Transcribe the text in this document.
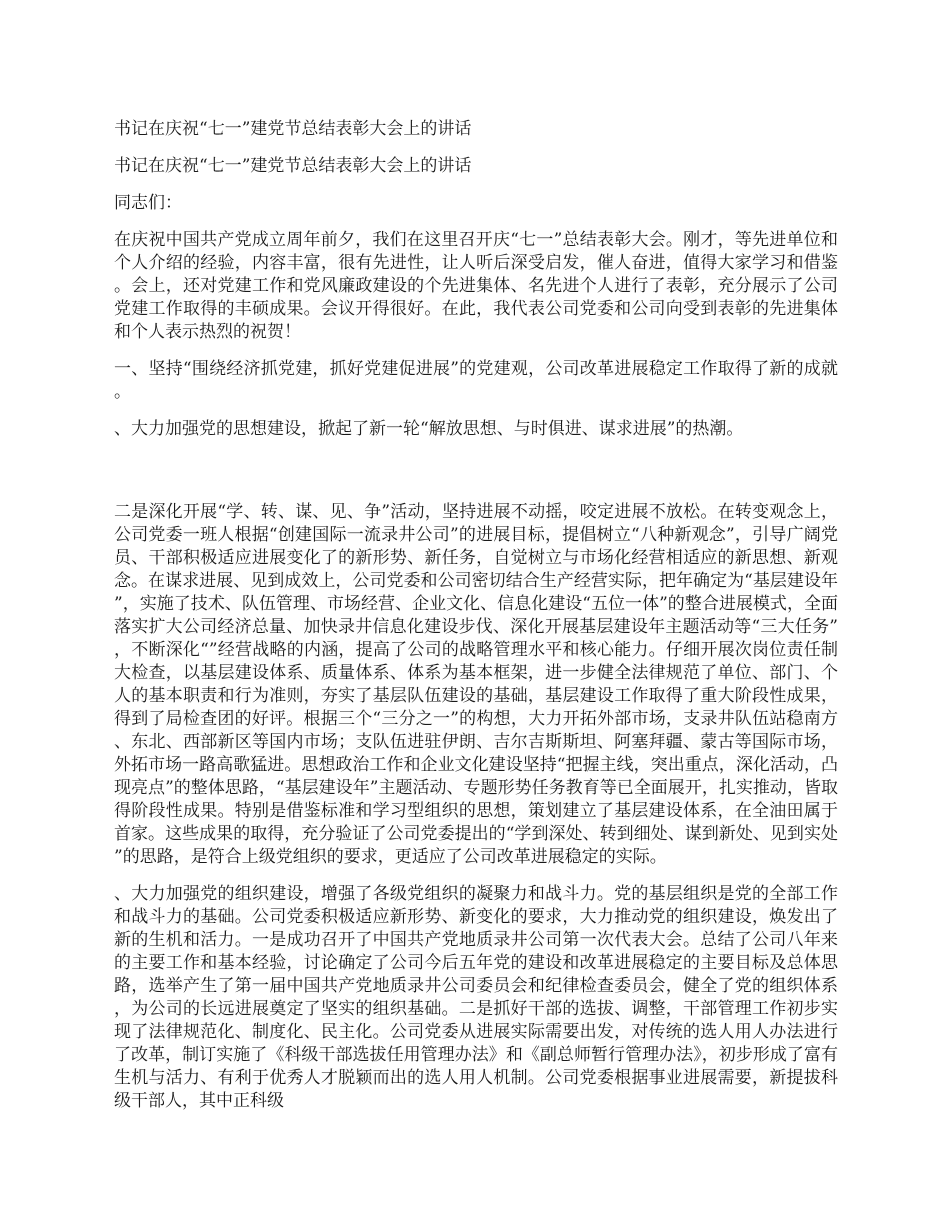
书记在庆祝“七一”建党节总结表彰大会上的讲话

书记在庆祝“七一”建党节总结表彰大会上的讲话

同志们：

在庆祝中国共产党成立周年前夕，我们在这里召开庆“七一”总结表彰大会。刚才，等先进单位和个人介绍的经验，内容丰富，很有先进性，让人听后深受启发，催人奋进，值得大家学习和借鉴。会上，还对党建工作和党风廉政建设的个先进集体、名先进个人进行了表彰，充分展示了公司党建工作取得的丰硕成果。会议开得很好。在此，我代表公司党委和公司向受到表彰的先进集体和个人表示热烈的祝贺！

一、坚持“围绕经济抓党建，抓好党建促进展”的党建观，公司改革进展稳定工作取得了新的成就。

、大力加强党的思想建设，掀起了新一轮“解放思想、与时俱进、谋求进展”的热潮。

二是深化开展“学、转、谋、见、争”活动，坚持进展不动摇，咬定进展不放松。在转变观念上，公司党委一班人根据“创建国际一流录井公司”的进展目标，提倡树立“八种新观念”，引导广阔党员、干部积极适应进展变化了的新形势、新任务，自觉树立与市场化经营相适应的新思想、新观念。在谋求进展、见到成效上，公司党委和公司密切结合生产经营实际，把年确定为“基层建设年”，实施了技术、队伍管理、市场经营、企业文化、信息化建设“五位一体”的整合进展模式，全面落实扩大公司经济总量、加快录井信息化建设步伐、深化开展基层建设年主题活动等“三大任务”，不断深化“”经营战略的内涵，提高了公司的战略管理水平和核心能力。仔细开展次岗位责任制大检查，以基层建设体系、质量体系、体系为基本框架，进一步健全法律规范了单位、部门、个人的基本职责和行为准则，夯实了基层队伍建设的基础，基层建设工作取得了重大阶段性成果，得到了局检查团的好评。根据三个“三分之一”的构想，大力开拓外部市场，支录井队伍站稳南方、东北、西部新区等国内市场；支队伍进驻伊朗、吉尔吉斯斯坦、阿塞拜疆、蒙古等国际市场，外拓市场一路高歌猛进。思想政治工作和企业文化建设坚持“把握主线，突出重点，深化活动，凸现亮点”的整体思路，“基层建设年”主题活动、专题形势任务教育等已全面展开，扎实推动，皆取得阶段性成果。特别是借鉴标准和学习型组织的思想，策划建立了基层建设体系，在全油田属于首家。这些成果的取得，充分验证了公司党委提出的“学到深处、转到细处、谋到新处、见到实处”的思路，是符合上级党组织的要求，更适应了公司改革进展稳定的实际。

、大力加强党的组织建设，增强了各级党组织的凝聚力和战斗力。党的基层组织是党的全部工作和战斗力的基础。公司党委积极适应新形势、新变化的要求，大力推动党的组织建设，焕发出了新的生机和活力。一是成功召开了中国共产党地质录井公司第一次代表大会。总结了公司八年来的主要工作和基本经验，讨论确定了公司今后五年党的建设和改革进展稳定的主要目标及总体思路，选举产生了第一届中国共产党地质录井公司委员会和纪律检查委员会，健全了党的组织体系，为公司的长远进展奠定了坚实的组织基础。二是抓好干部的选拔、调整，干部管理工作初步实现了法律规范化、制度化、民主化。公司党委从进展实际需要出发，对传统的选人用人办法进行了改革，制订实施了《科级干部选拔任用管理办法》和《副总师暂行管理办法》，初步形成了富有生机与活力、有利于优秀人才脱颖而出的选人用人机制。公司党委根据事业进展需要，新提拔科级干部人，其中正科级
